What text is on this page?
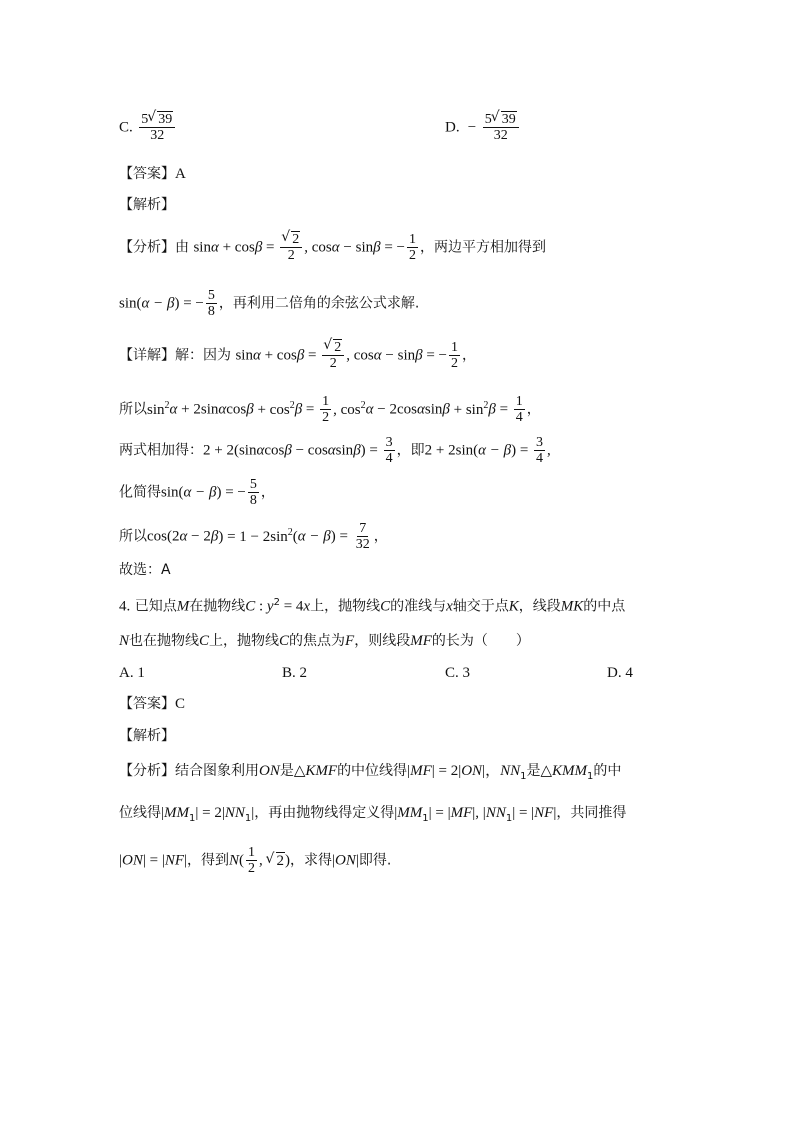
C. $\frac{5 √ 39}{32}$	D.  − $\frac{5 √ 39}{32}$
【答案】A
【解析】
【分析】由 sinα + cosβ = √ $\frac{2}{2}$ , cosα − sinβ = − $\frac{1}{2}$ ，两边平方相加得到
sin(α − β) = − $\frac{5}{8}$ ，再利用二倍角的余弦公式求解.
【详解】解：因为 sinα + cosβ = √ $\frac{2}{2}$ , cosα − sinβ = − $\frac{1}{2}$ ，
所以$\sin^2\alpha + 2\sin\alpha\cos\beta + \cos^2\beta = \frac{1}{2}$ , $\cos^2\alpha - 2\cos\alpha\sin\beta + \sin^2\beta = \frac{1}{4}$ ，
两式相加得：$2 + 2(\sin\alpha\cos\beta - \cos\alpha\sin\beta) = \frac{3}{4}$ ，即$2 + 2\sin(\alpha - \beta) = \frac{3}{4}$ ,
化简得sin(α − β) = − $\frac{5}{8}$ ，
所以$\cos(2\alpha - 2\beta) = 1 - 2\sin^2(\alpha - \beta) = \frac{7}{32}$ ，
故选：A
4. 已知点M在抛物线C : $y^2 = 4x$上，抛物线C的准线与x轴交于点K，线段MK的中点
N也在抛物线C上，抛物线C的焦点为F，则线段MF的长为（　　）
A. 1	B. 2	C. 3	D. 4
【答案】C
【解析】
【分析】结合图象利用ON是△KMF的中位线得|MF| = 2|ON|，$NN_1$是$\triangle KMM_1$的中
位线得$|MM_1| = 2|NN_1|$，再由抛物线得定义得$|MM_1| = |MF|$, $|NN_1| = |NF|$，共同推得
|ON| = |NF|，得到$N( \frac{1}{2}$ , √ 2)，求得|ON|即得.
